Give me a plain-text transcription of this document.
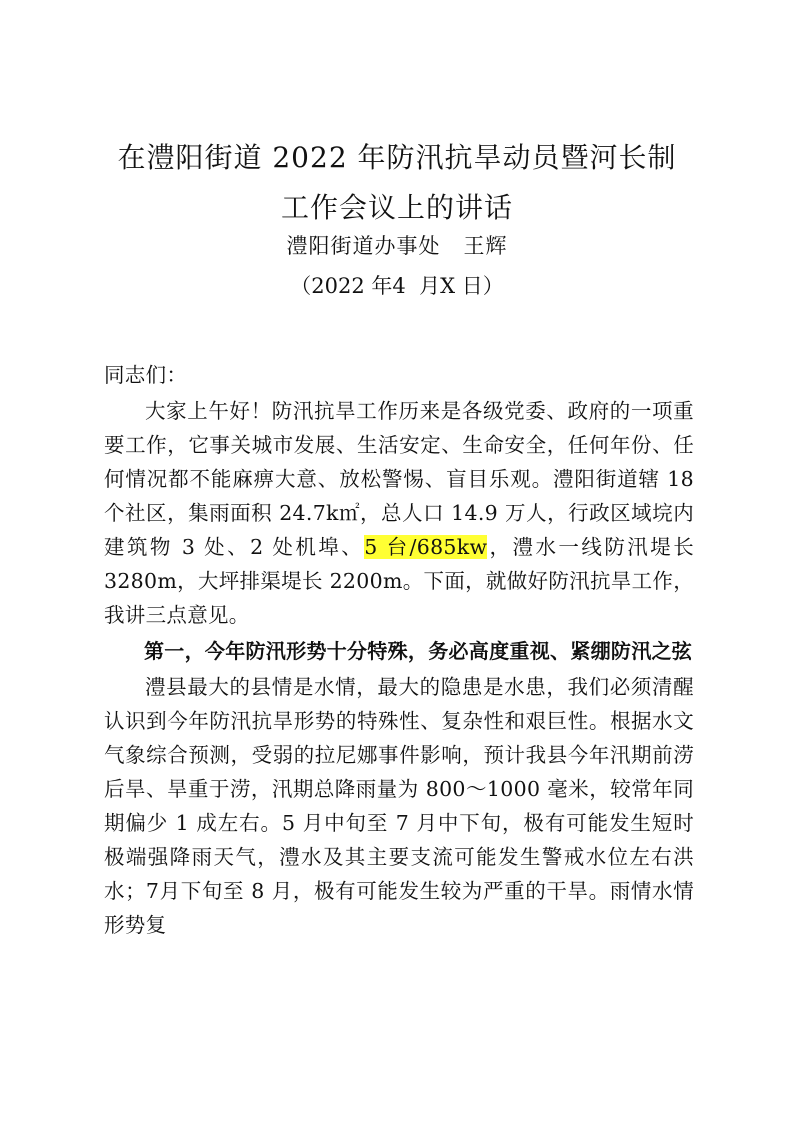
在澧阳街道 2022 年防汛抗旱动员暨河长制
工作会议上的讲话
澧阳街道办事处   王辉
（2022 年4  月X 日）

同志们：

大家上午好！防汛抗旱工作历来是各级党委、政府的一项重要工作，它事关城市发展、生活安定、生命安全，任何年份、任何情况都不能麻痹大意、放松警惕、盲目乐观。澧阳街道辖 18个社区，集雨面积 24.7k㎡，总人口 14.9 万人，行政区域垸内建筑物 3 处、2 处机埠、5 台/685kw，澧水一线防汛堤长 3280m，大坪排渠堤长 2200m。下面，就做好防汛抗旱工作，我讲三点意见。

第一，今年防汛形势十分特殊，务必高度重视、紧绷防汛之弦

澧县最大的县情是水情，最大的隐患是水患，我们必须清醒认识到今年防汛抗旱形势的特殊性、复杂性和艰巨性。根据水文气象综合预测，受弱的拉尼娜事件影响，预计我县今年汛期前涝后旱、旱重于涝，汛期总降雨量为 800～1000 毫米，较常年同期偏少 1 成左右。5 月中旬至 7 月中下旬，极有可能发生短时极端强降雨天气，澧水及其主要支流可能发生警戒水位左右洪水；7月下旬至 8 月，极有可能发生较为严重的干旱。雨情水情形势复
